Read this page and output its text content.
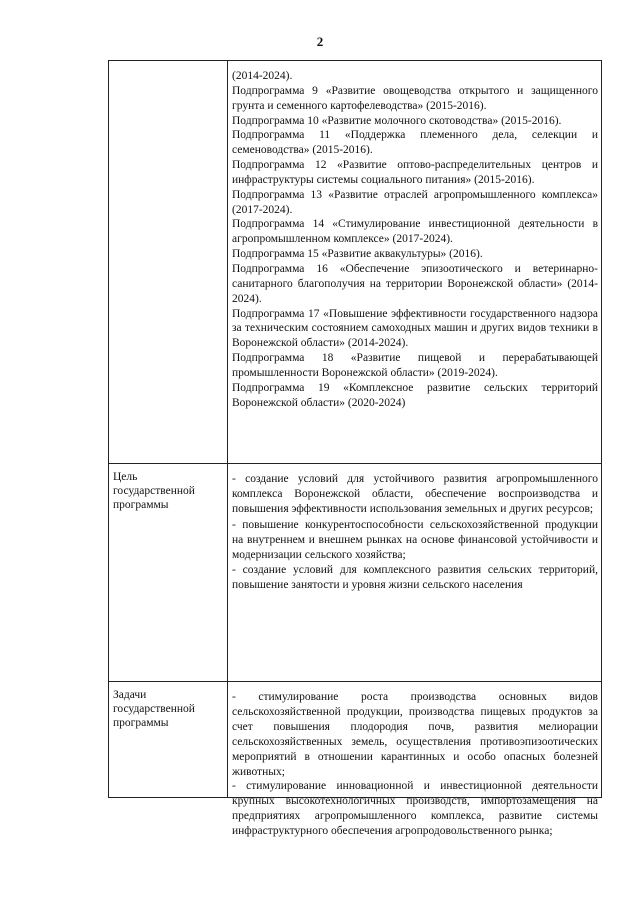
2

(2014-2024).

Подпрограмма 9 «Развитие овощеводства открытого и защищенного грунта и семенного картофелеводства» (2015-2016).

Подпрограмма 10 «Развитие молочного скотоводства» (2015-2016).

Подпрограмма 11 «Поддержка племенного дела, селекции и семеноводства» (2015-2016).

Подпрограмма 12 «Развитие оптово-распределительных центров и инфраструктуры системы социального питания» (2015-2016).

Подпрограмма 13 «Развитие отраслей агропромышленного комплекса» (2017-2024).

Подпрограмма 14 «Стимулирование инвестиционной деятельности в агропромышленном комплексе» (2017-2024).

Подпрограмма 15 «Развитие аквакультуры» (2016).

Подпрограмма 16 «Обеспечение эпизоотического и ветеринарно-санитарного благополучия на территории Воронежской области» (2014-2024).

Подпрограмма 17 «Повышение эффективности государственного надзора за техническим состоянием самоходных машин и других видов техники в Воронежской области» (2014-2024).

Подпрограмма 18 «Развитие пищевой и перерабатывающей промышленности Воронежской области» (2019-2024).

Подпрограмма 19 «Комплексное развитие сельских территорий Воронежской области» (2020-2024)

Цель государственной программы

- создание условий для устойчивого развития агропромышленного комплекса Воронежской области, обеспечение воспроизводства и повышения эффективности использования земельных и других ресурсов;

- повышение конкурентоспособности сельскохозяйственной продукции на внутреннем и внешнем рынках на основе финансовой устойчивости и модернизации сельского хозяйства;

- создание условий для комплексного развития сельских территорий, повышение занятости и уровня жизни сельского населения

Задачи государственной программы

- стимулирование роста производства основных видов сельскохозяйственной продукции, производства пищевых продуктов за счет повышения плодородия почв, развития мелиорации сельскохозяйственных земель, осуществления противоэпизоотических мероприятий в отношении карантинных и особо опасных болезней животных;

- стимулирование инновационной и инвестиционной деятельности крупных высокотехнологичных производств, импортозамещения на предприятиях агропромышленного комплекса, развитие системы инфраструктурного обеспечения агропродовольственного рынка;
